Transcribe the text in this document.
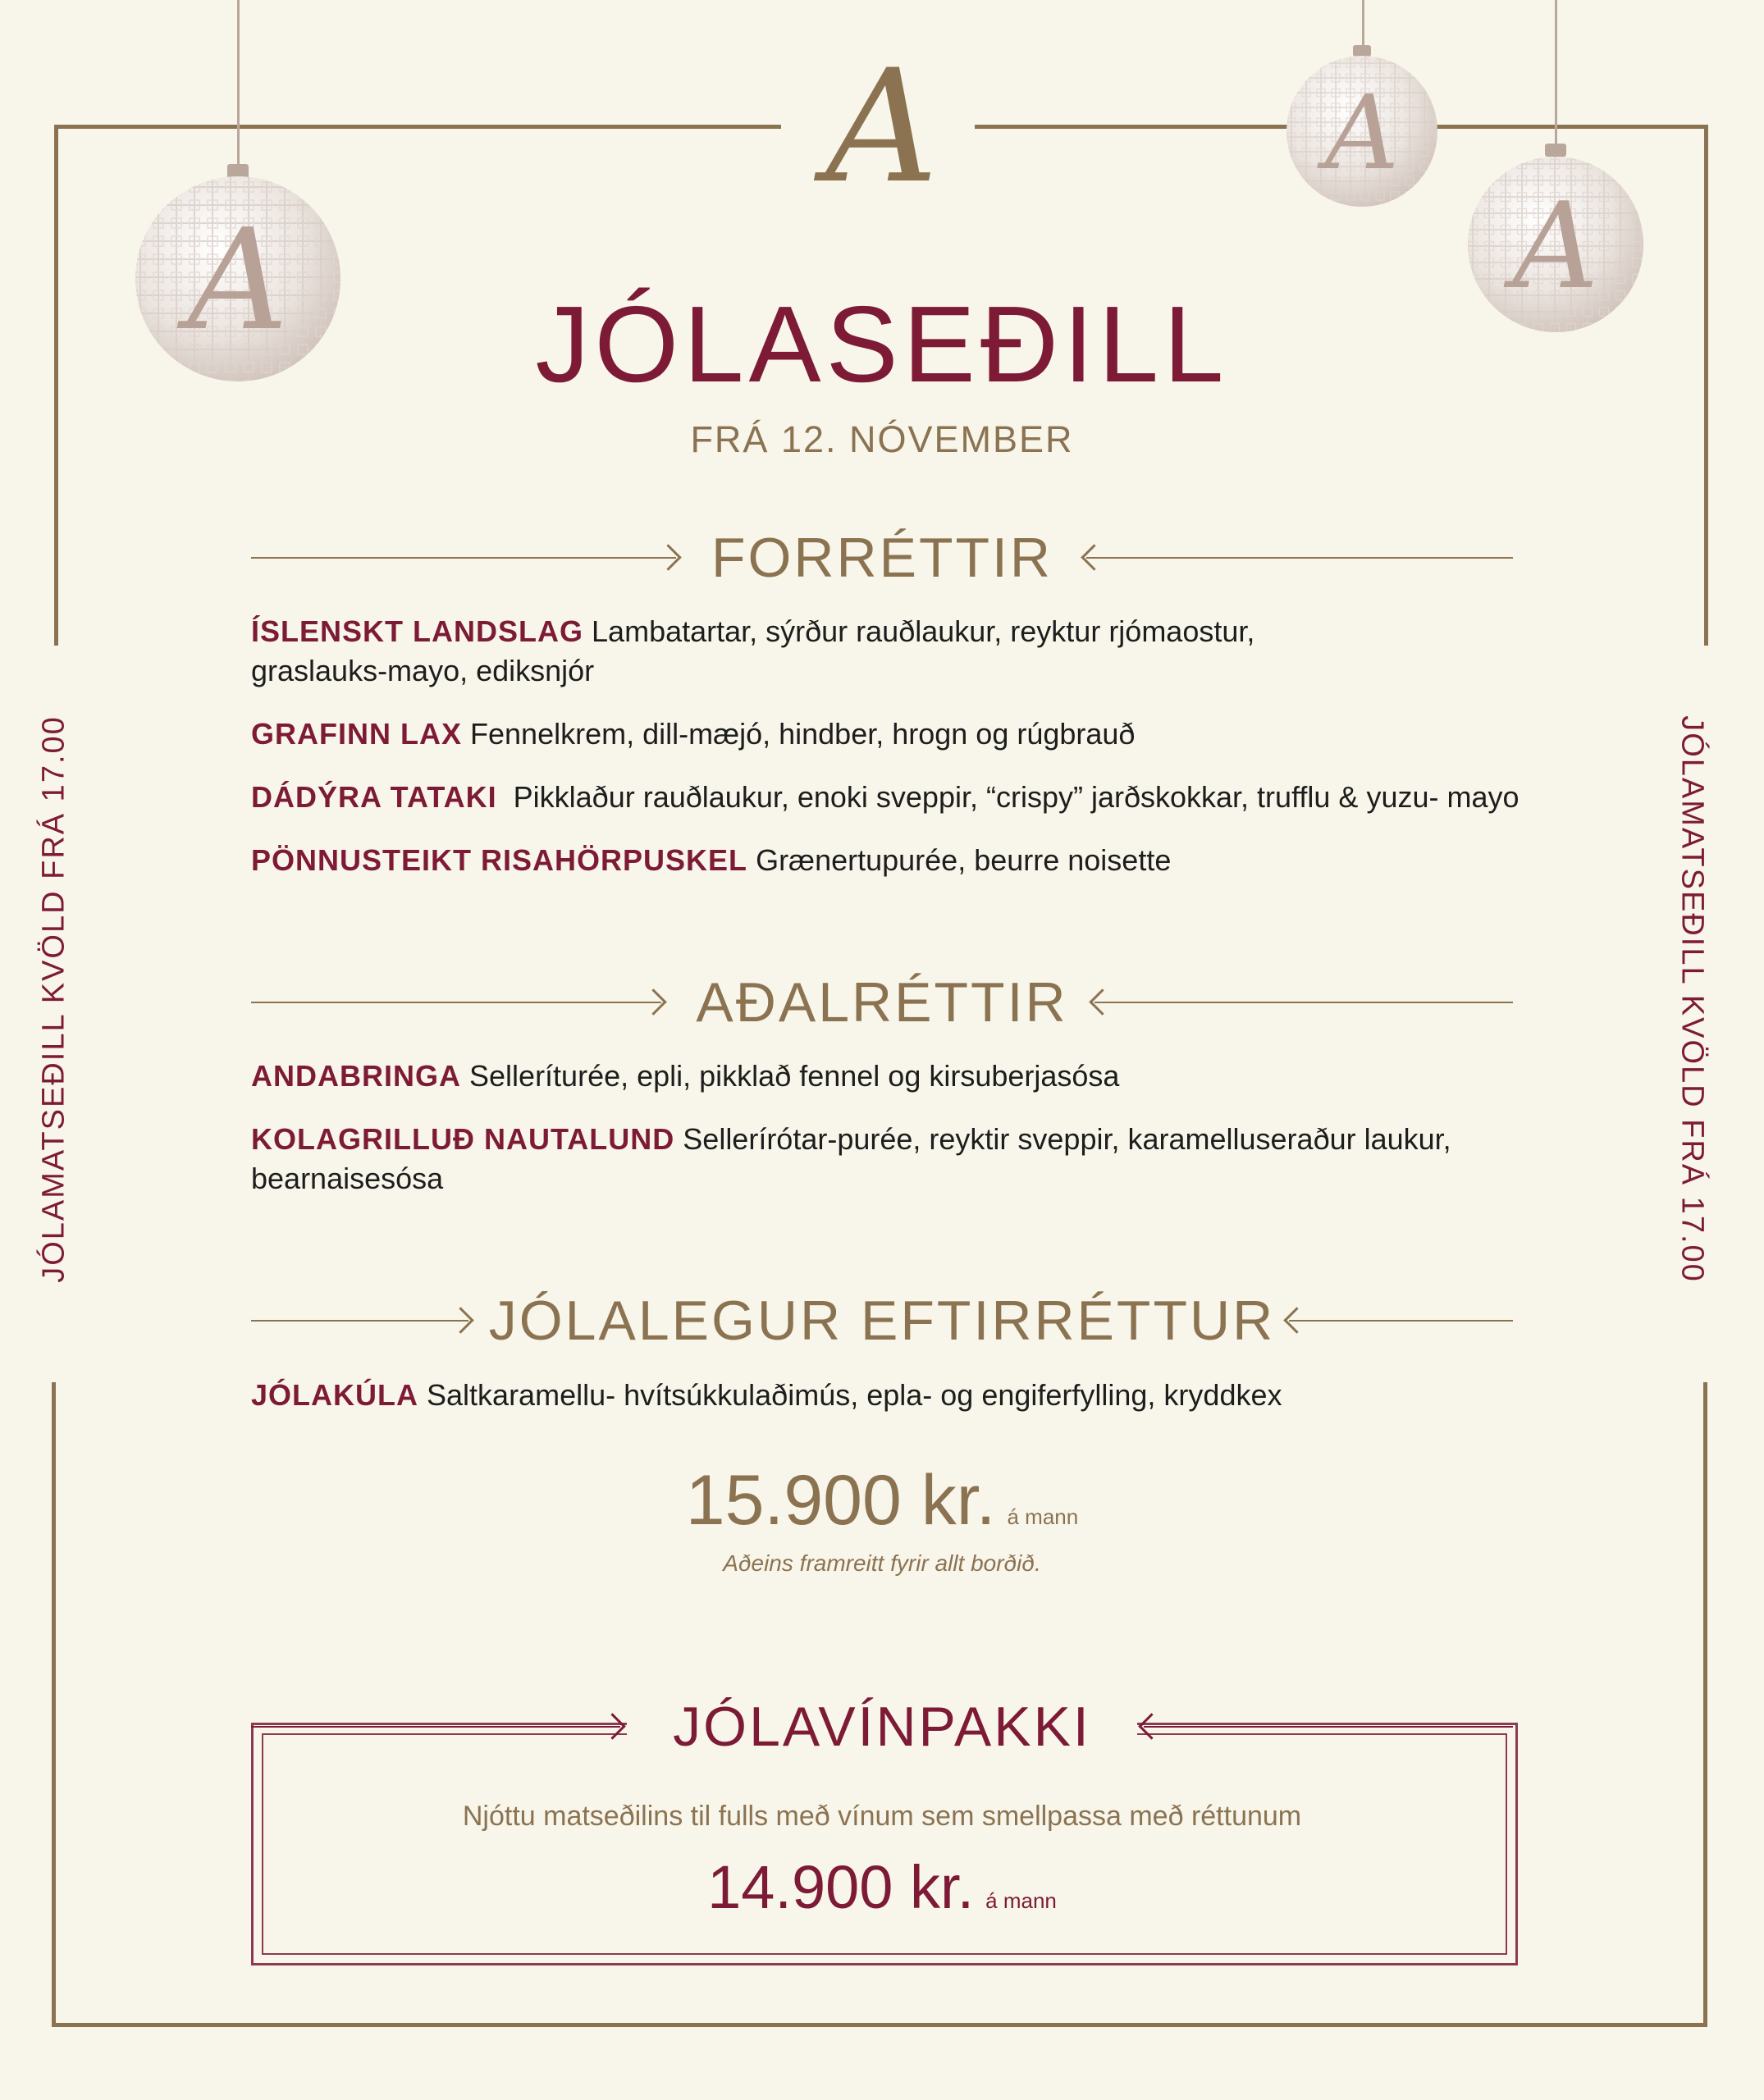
A
A
A
A
JÓLASEÐILL
FRÁ 12. NÓVEMBER
JÓLAMATSEÐILL KVÖLD FRÁ 17.00	JÓLAMATSEÐILL KVÖLD FRÁ 17.00
FORRÉTTIR
ÍSLENSKT LANDSLAG Lambatartar, sýrður rauðlaukur, reyktur rjómaostur,
graslauks-mayo, ediksnjór
GRAFINN LAX Fennelkrem, dill-mæjó, hindber, hrogn og rúgbrauð
DÁDÝRA TATAKI Pikklaður rauðlaukur, enoki sveppir, “crispy” jarðskokkar, trufflu & yuzu- mayo
PÖNNUSTEIKT RISAHÖRPUSKEL Grænertupurée, beurre noisette
AÐALRÉTTIR
ANDABRINGA Selleríturée, epli, pikklað fennel og kirsuberjasósa
KOLAGRILLUÐ NAUTALUND Sellerírótar-purée, reyktir sveppir, karamelluseraður laukur,
bearnaisesósa
JÓLALEGUR EFTIRRÉTTUR
JÓLAKÚLA Saltkaramellu- hvítsúkkulaðimús, epla- og engiferfylling, kryddkex
15.900 kr. á mann
Aðeins framreitt fyrir allt borðið.
JÓLAVÍNPAKKI
Njóttu matseðilins til fulls með vínum sem smellpassa með réttunum
14.900 kr. á mann
